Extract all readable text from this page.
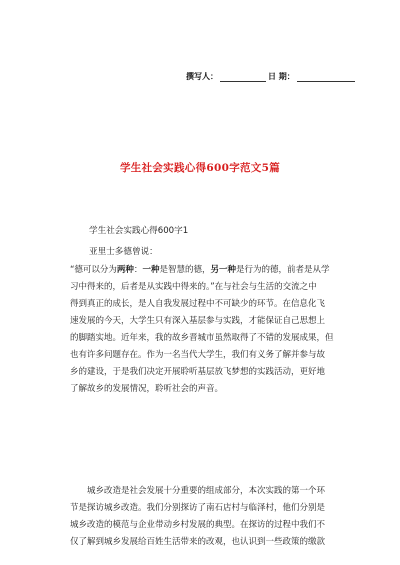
撰写人：	日 期：
学生社会实践心得600字范文5篇
学生社会实践心得600字1
亚里士多德曾说：
“德可以分为两种：一种是智慧的德，另一种是行为的德，前者是从学
习中得来的，后者是从实践中得来的。”在与社会与生活的交流之中
得到真正的成长，是人自我发展过程中不可缺少的环节。在信息化飞
速发展的今天，大学生只有深入基层参与实践，才能保证自己思想上
的脚踏实地。近年来，我的故乡晋城市虽然取得了不错的发展成果，但
也有许多问题存在。作为一名当代大学生，我们有义务了解并参与故
乡的建设，于是我们决定开展聆听基层放飞梦想的实践活动，更好地
了解故乡的发展情况，聆听社会的声音。
城乡改造是社会发展十分重要的组成部分，本次实践的第一个环
节是探访城乡改造。我们分别探访了南石店村与临泽村，他们分别是
城乡改造的模范与企业带动乡村发展的典型。在探访的过程中我们不
仅了解到城乡发展给百姓生活带来的改观，也认识到一些政策的缴款
